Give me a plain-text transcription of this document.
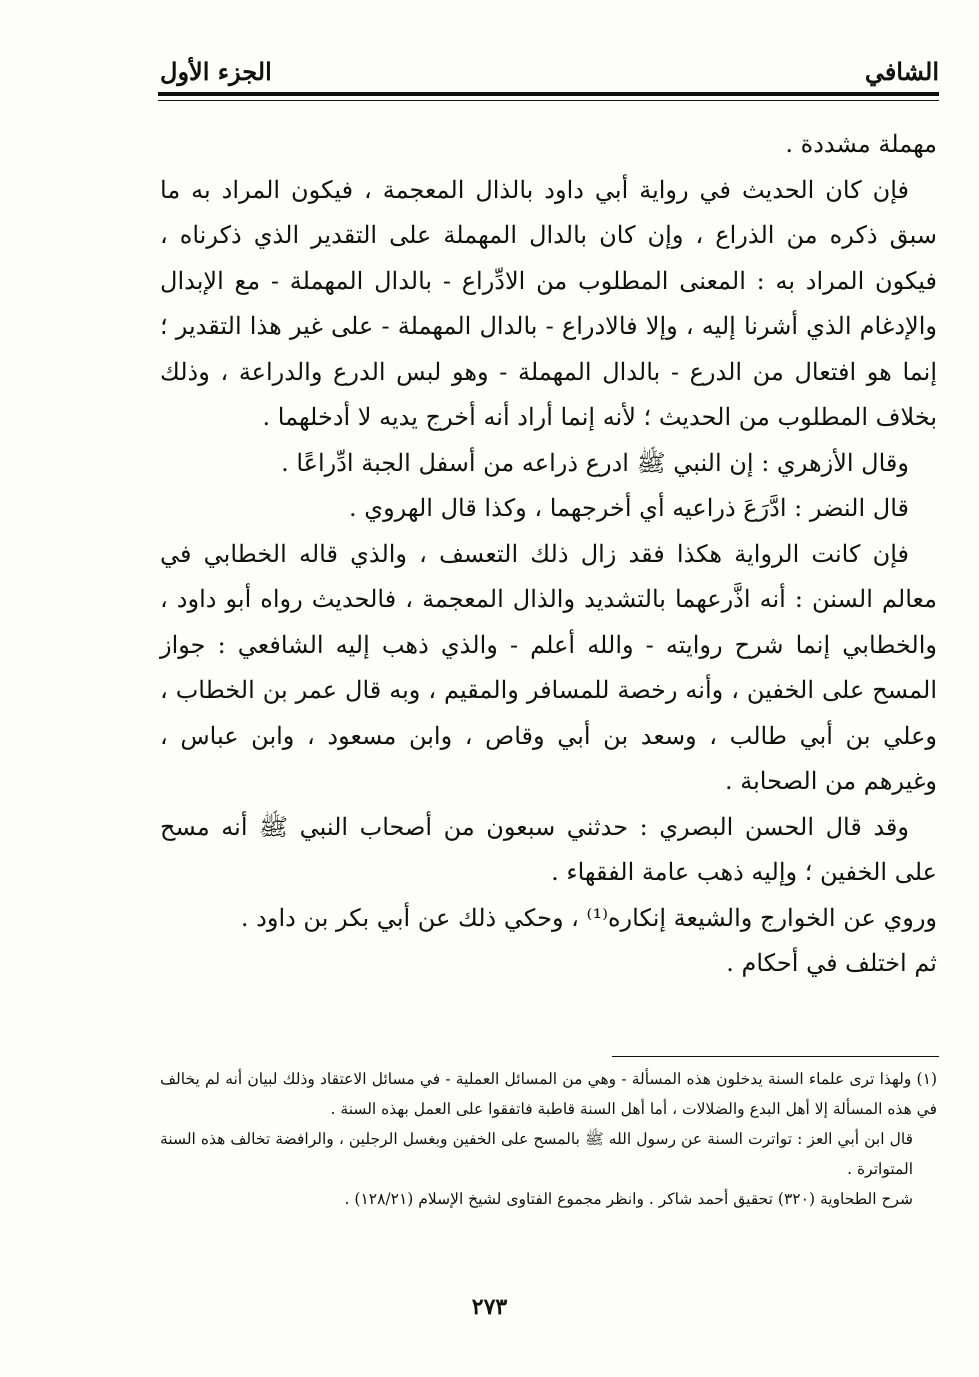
الشافي
الجزء الأول

مهملة مشددة .

فإن كان الحديث في رواية أبي داود بالذال المعجمة ، فيكون المراد به ما سبق ذكره من الذراع ، وإن كان بالدال المهملة على التقدير الذي ذكرناه ، فيكون المراد به : المعنى المطلوب من الادِّراع - بالدال المهملة - مع الإبدال والإدغام الذي أشرنا إليه ، وإلا فالادراع - بالدال المهملة - على غير هذا التقدير ؛ إنما هو افتعال من الدرع - بالدال المهملة - وهو لبس الدرع والدراعة ، وذلك بخلاف المطلوب من الحديث ؛ لأنه إنما أراد أنه أخرج يديه لا أدخلهما .

وقال الأزهري : إن النبي ﷺ ادرع ذراعه من أسفل الجبة ادِّراعًا .

قال النضر : ادَّرَعَ ذراعيه أي أخرجهما ، وكذا قال الهروي .

فإن كانت الرواية هكذا فقد زال ذلك التعسف ، والذي قاله الخطابي في معالم السنن : أنه اذَّرعهما بالتشديد والذال المعجمة ، فالحديث رواه أبو داود ، والخطابي إنما شرح روايته - والله أعلم - والذي ذهب إليه الشافعي : جواز المسح على الخفين ، وأنه رخصة للمسافر والمقيم ، وبه قال عمر بن الخطاب ، وعلي بن أبي طالب ، وسعد بن أبي وقاص ، وابن مسعود ، وابن عباس ، وغيرهم من الصحابة .

وقد قال الحسن البصري : حدثني سبعون من أصحاب النبي ﷺ أنه مسح على الخفين ؛ وإليه ذهب عامة الفقهاء .

وروي عن الخوارج والشيعة إنكاره⁽¹⁾ ، وحكي ذلك عن أبي بكر بن داود .

ثم اختلف في أحكام .

(١) ولهذا ترى علماء السنة يدخلون هذه المسألة - وهي من المسائل العملية - في مسائل الاعتقاد وذلك لبيان أنه لم يخالف في هذه المسألة إلا أهل البدع والضلالات ، أما أهل السنة قاطبة فاتفقوا على العمل بهذه السنة .

قال ابن أبي العز : تواترت السنة عن رسول الله ﷺ بالمسح على الخفين وبغسل الرجلين ، والرافضة تخالف هذه السنة المتواترة .

شرح الطحاوية (٣٢٠) تحقيق أحمد شاكر . وانظر مجموع الفتاوى لشيخ الإسلام (١٢٨/٢١) .

٢٧٣
